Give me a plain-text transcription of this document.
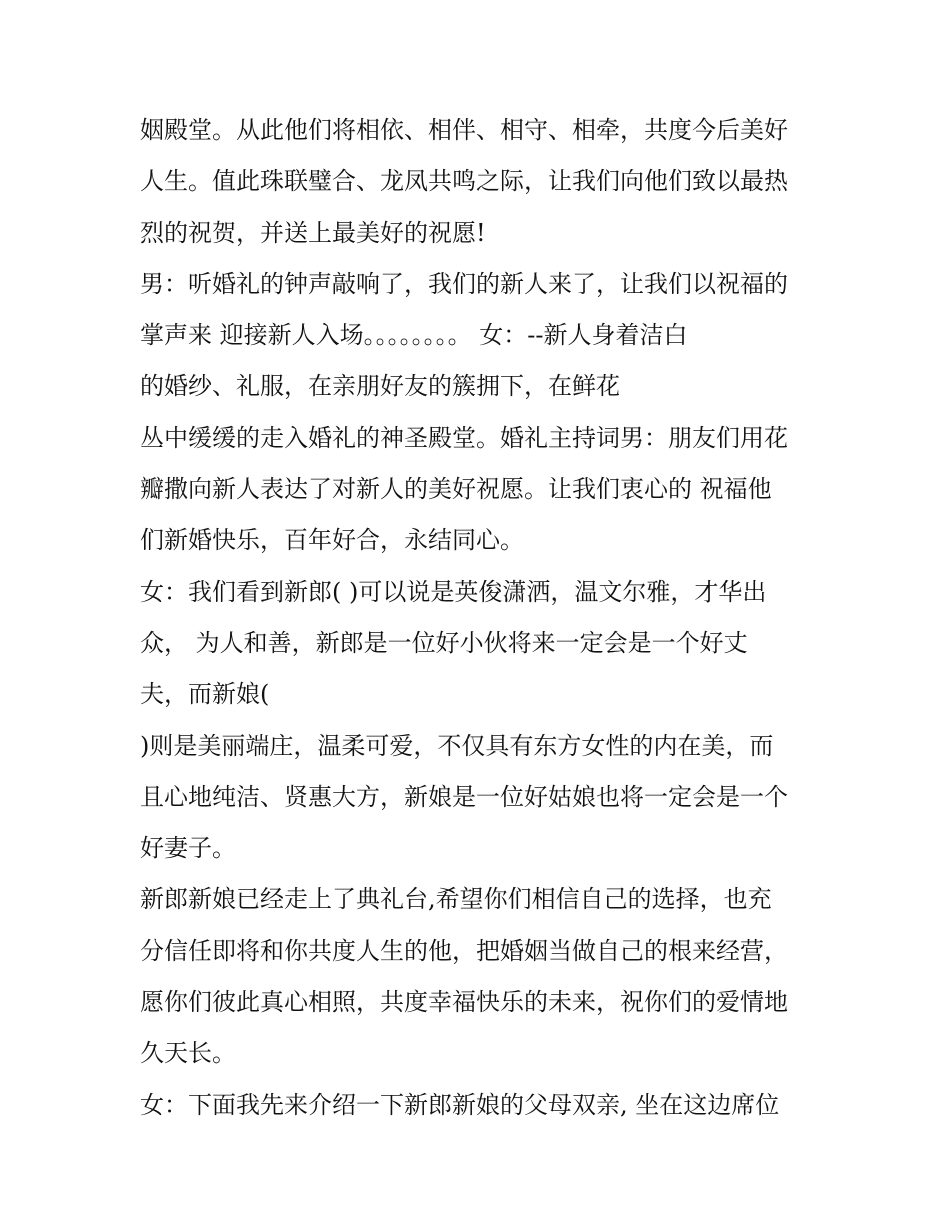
姻殿堂。从此他们将相依、相伴、相守、相牵，共度今后美好
人生。值此珠联璧合、龙凤共鸣之际，让我们向他们致以最热
烈的祝贺，并送上最美好的祝愿!
男：听婚礼的钟声敲响了，我们的新人来了，让我们以祝福的
掌声来 迎接新人入场。。。。。。。。 女：--新人身着洁白
的婚纱、礼服，在亲朋好友的簇拥下，在鲜花
丛中缓缓的走入婚礼的神圣殿堂。婚礼主持词男：朋友们用花
瓣撒向新人表达了对新人的美好祝愿。让我们衷心的 祝福他
们新婚快乐，百年好合，永结同心。
女：我们看到新郎( )可以说是英俊潇洒，温文尔雅，才华出
众， 为人和善，新郎是一位好小伙将来一定会是一个好丈
夫，而新娘(
)则是美丽端庄，温柔可爱，不仅具有东方女性的内在美，而
且心地纯洁、贤惠大方，新娘是一位好姑娘也将一定会是一个
好妻子。
新郎新娘已经走上了典礼台,希望你们相信自己的选择，也充
分信任即将和你共度人生的他，把婚姻当做自己的根来经营，
愿你们彼此真心相照，共度幸福快乐的未来，祝你们的爱情地
久天长。
女：下面我先来介绍一下新郎新娘的父母双亲, 坐在这边席位
